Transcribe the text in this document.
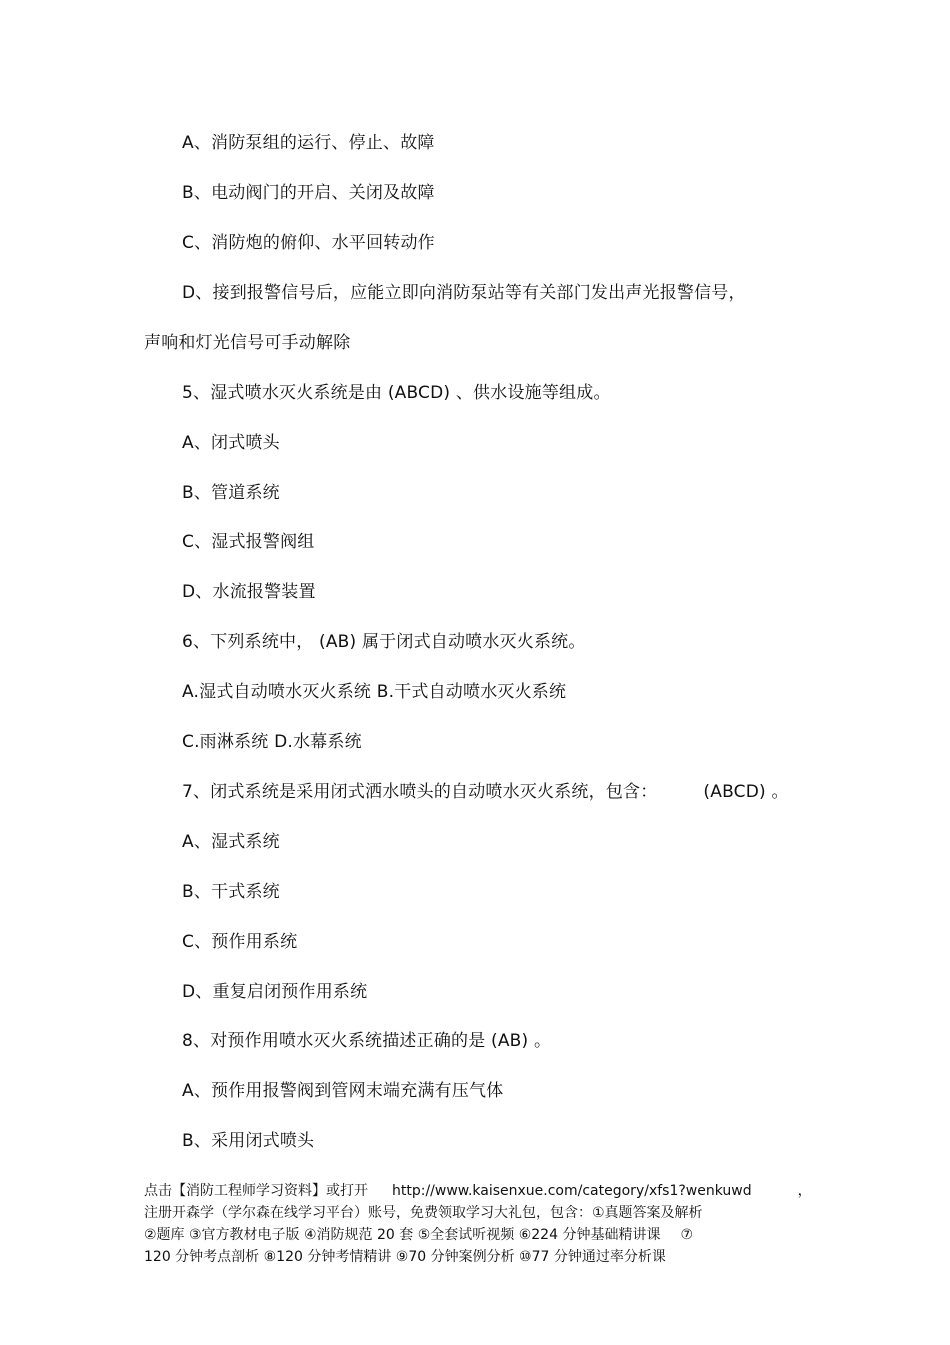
A、消防泵组的运行、停止、故障
B、电动阀门的开启、关闭及故障
C、消防炮的俯仰、水平回转动作
D、接到报警信号后，应能立即向消防泵站等有关部门发出声光报警信号，
声响和灯光信号可手动解除
5、湿式喷水灭火系统是由 (ABCD) 、供水设施等组成。
A、闭式喷头
B、管道系统
C、湿式报警阀组
D、水流报警装置
6、下列系统中， (AB) 属于闭式自动喷水灭火系统。
A.湿式自动喷水灭火系统 B.干式自动喷水灭火系统
C.雨淋系统 D.水幕系统
7、闭式系统是采用闭式洒水喷头的自动喷水灭火系统，包含：	(ABCD) 。
A、湿式系统
B、干式系统
C、预作用系统
D、重复启闭预作用系统
8、对预作用喷水灭火系统描述正确的是 (AB) 。
A、预作用报警阀到管网末端充满有压气体
B、采用闭式喷头
点击【消防工程师学习资料】或打开 http://www.kaisenxue.com/category/xfs1?wenkuwd	，
注册开森学（学尔森在线学习平台）账号，免费领取学习大礼包，包含：①真题答案及解析
②题库 ③官方教材电子版 ④消防规范 20 套 ⑤全套试听视频 ⑥224 分钟基础精讲课 ⑦
120 分钟考点剖析 ⑧120 分钟考情精讲 ⑨70 分钟案例分析 ⑩77 分钟通过率分析课
